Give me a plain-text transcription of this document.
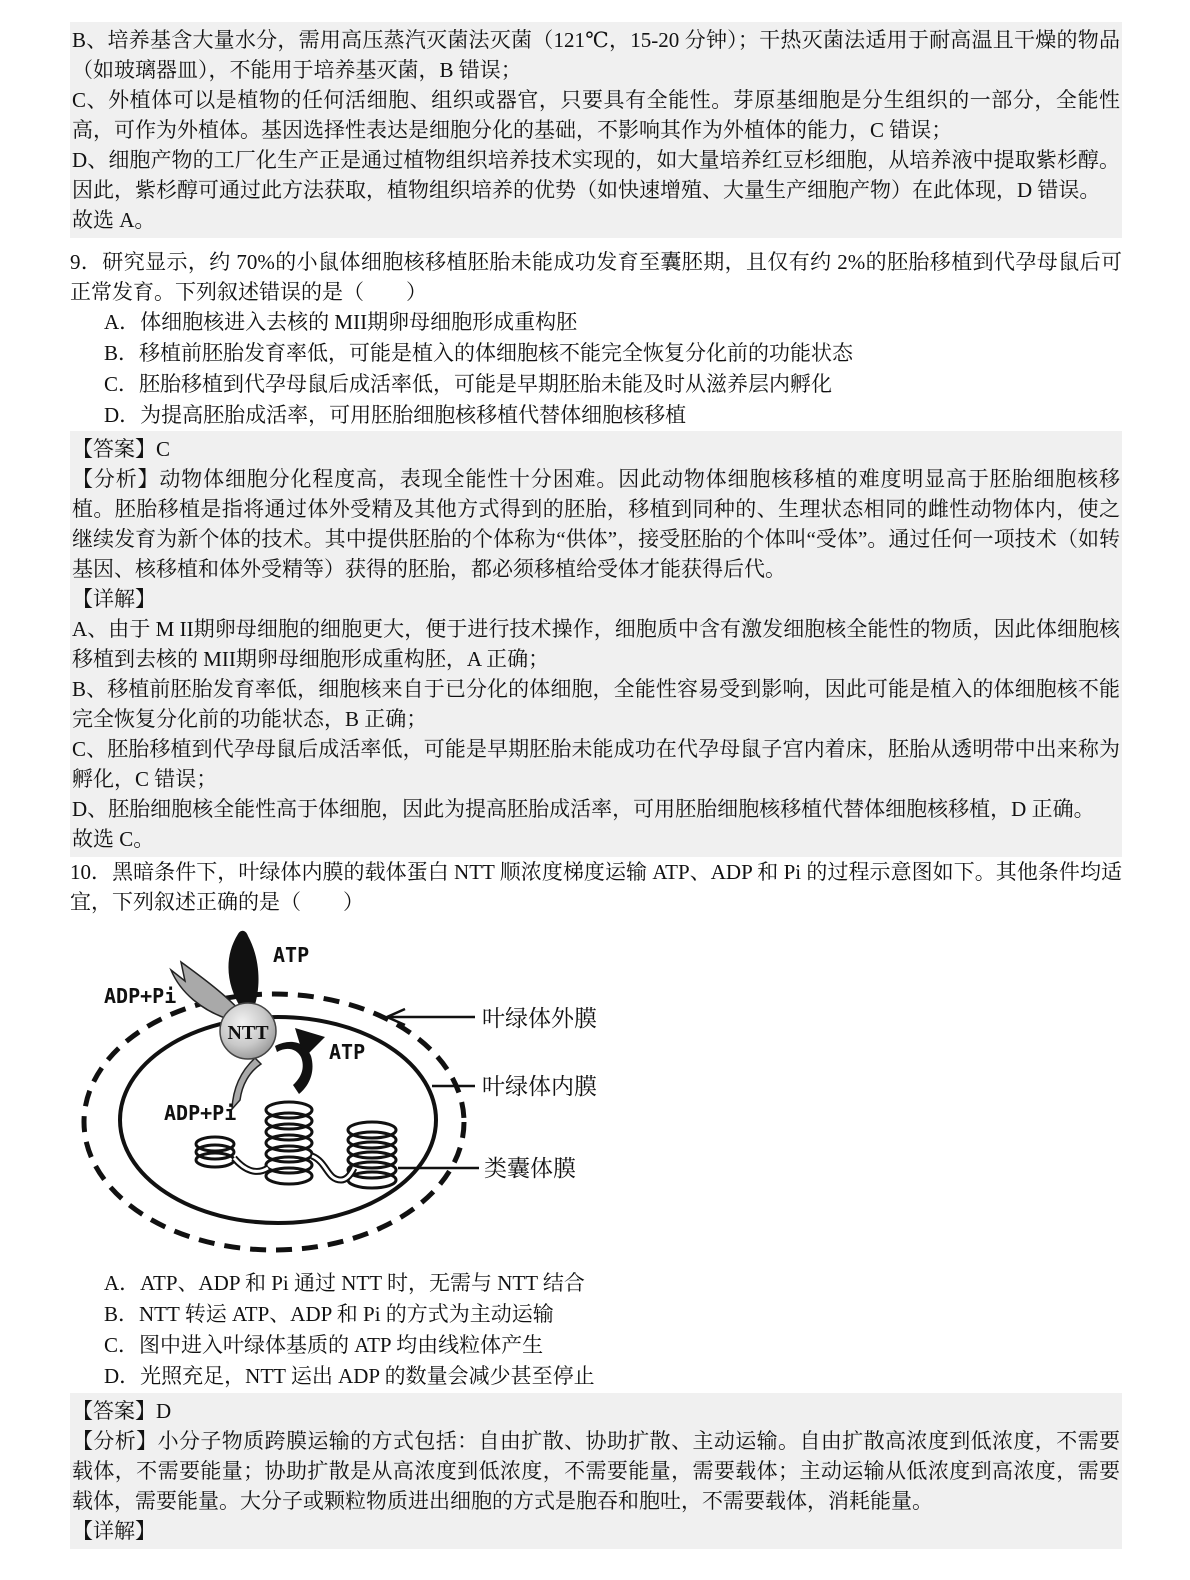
B、培养基含大量水分，需用高压蒸汽灭菌法灭菌（121℃，15-20 分钟）；干热灭菌法适用于耐高温且干燥的物品（如玻璃器皿），不能用于培养基灭菌，B 错误；

C、外植体可以是植物的任何活细胞、组织或器官，只要具有全能性。芽原基细胞是分生组织的一部分，全能性高，可作为外植体。基因选择性表达是细胞分化的基础，不影响其作为外植体的能力，C 错误；

D、细胞产物的工厂化生产正是通过植物组织培养技术实现的，如大量培养红豆杉细胞，从培养液中提取紫杉醇。因此，紫杉醇可通过此方法获取，植物组织培养的优势（如快速增殖、大量生产细胞产物）在此体现，D 错误。

故选 A。

9．研究显示，约 70%的小鼠体细胞核移植胚胎未能成功发育至囊胚期，且仅有约 2%的胚胎移植到代孕母鼠后可正常发育。下列叙述错误的是（　　）

A．体细胞核进入去核的 MII期卵母细胞形成重构胚

B．移植前胚胎发育率低，可能是植入的体细胞核不能完全恢复分化前的功能状态

C．胚胎移植到代孕母鼠后成活率低，可能是早期胚胎未能及时从滋养层内孵化

D．为提高胚胎成活率，可用胚胎细胞核移植代替体细胞核移植

【答案】C

【分析】动物体细胞分化程度高，表现全能性十分困难。因此动物体细胞核移植的难度明显高于胚胎细胞核移植。胚胎移植是指将通过体外受精及其他方式得到的胚胎，移植到同种的、生理状态相同的雌性动物体内，使之继续发育为新个体的技术。其中提供胚胎的个体称为“供体”，接受胚胎的个体叫“受体”。通过任何一项技术（如转基因、核移植和体外受精等）获得的胚胎，都必须移植给受体才能获得后代。

【详解】

A、由于 M II期卵母细胞的细胞更大，便于进行技术操作，细胞质中含有激发细胞核全能性的物质，因此体细胞核移植到去核的 MII期卵母细胞形成重构胚，A 正确；

B、移植前胚胎发育率低，细胞核来自于已分化的体细胞，全能性容易受到影响，因此可能是植入的体细胞核不能完全恢复分化前的功能状态，B 正确；

C、胚胎移植到代孕母鼠后成活率低，可能是早期胚胎未能成功在代孕母鼠子宫内着床，胚胎从透明带中出来称为孵化，C 错误；

D、胚胎细胞核全能性高于体细胞，因此为提高胚胎成活率，可用胚胎细胞核移植代替体细胞核移植，D 正确。

故选 C。

10．黑暗条件下，叶绿体内膜的载体蛋白 NTT 顺浓度梯度运输 ATP、ADP 和 Pi 的过程示意图如下。其他条件均适宜，下列叙述正确的是（　　）

NTT
ATP
ADP+Pi
ATP
ADP+Pi
叶绿体外膜
叶绿体内膜
类囊体膜

A．ATP、ADP 和 Pi 通过 NTT 时，无需与 NTT 结合

B．NTT 转运 ATP、ADP 和 Pi 的方式为主动运输

C．图中进入叶绿体基质的 ATP 均由线粒体产生

D．光照充足，NTT 运出 ADP 的数量会减少甚至停止

【答案】D

【分析】小分子物质跨膜运输的方式包括：自由扩散、协助扩散、主动运输。自由扩散高浓度到低浓度，不需要载体，不需要能量；协助扩散是从高浓度到低浓度，不需要能量，需要载体；主动运输从低浓度到高浓度，需要载体，需要能量。大分子或颗粒物质进出细胞的方式是胞吞和胞吐，不需要载体，消耗能量。

【详解】
